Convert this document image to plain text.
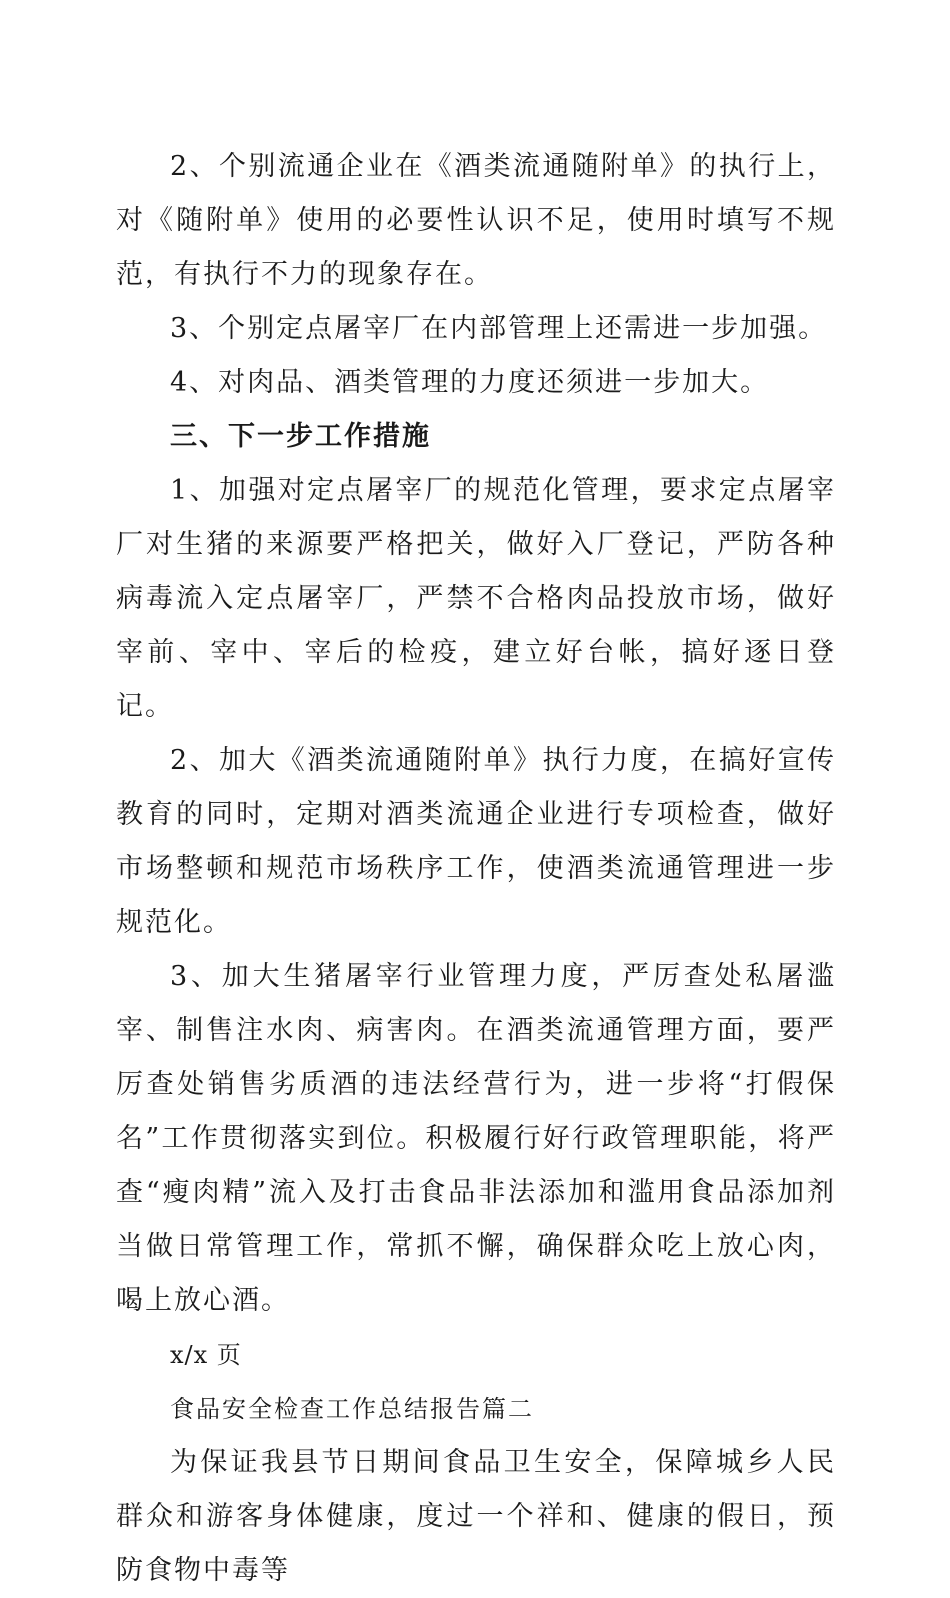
2、个别流通企业在《酒类流通随附单》的执行上，对《随附单》使用的必要性认识不足，使用时填写不规范，有执行不力的现象存在。

3、个别定点屠宰厂在内部管理上还需进一步加强。

4、对肉品、酒类管理的力度还须进一步加大。

三、下一步工作措施

1、加强对定点屠宰厂的规范化管理，要求定点屠宰厂对生猪的来源要严格把关，做好入厂登记，严防各种病毒流入定点屠宰厂，严禁不合格肉品投放市场，做好宰前、宰中、宰后的检疫，建立好台帐，搞好逐日登记。

2、加大《酒类流通随附单》执行力度，在搞好宣传教育的同时，定期对酒类流通企业进行专项检查，做好市场整顿和规范市场秩序工作，使酒类流通管理进一步规范化。

3、加大生猪屠宰行业管理力度，严厉查处私屠滥宰、制售注水肉、病害肉。在酒类流通管理方面，要严厉查处销售劣质酒的违法经营行为，进一步将“打假保名”工作贯彻落实到位。积极履行好行政管理职能，将严查“瘦肉精”流入及打击食品非法添加和滥用食品添加剂当做日常管理工作，常抓不懈，确保群众吃上放心肉，喝上放心酒。

x/x 页

食品安全检查工作总结报告篇二

为保证我县节日期间食品卫生安全，保障城乡人民群众和游客身体健康，度过一个祥和、健康的假日，预防食物中毒等
